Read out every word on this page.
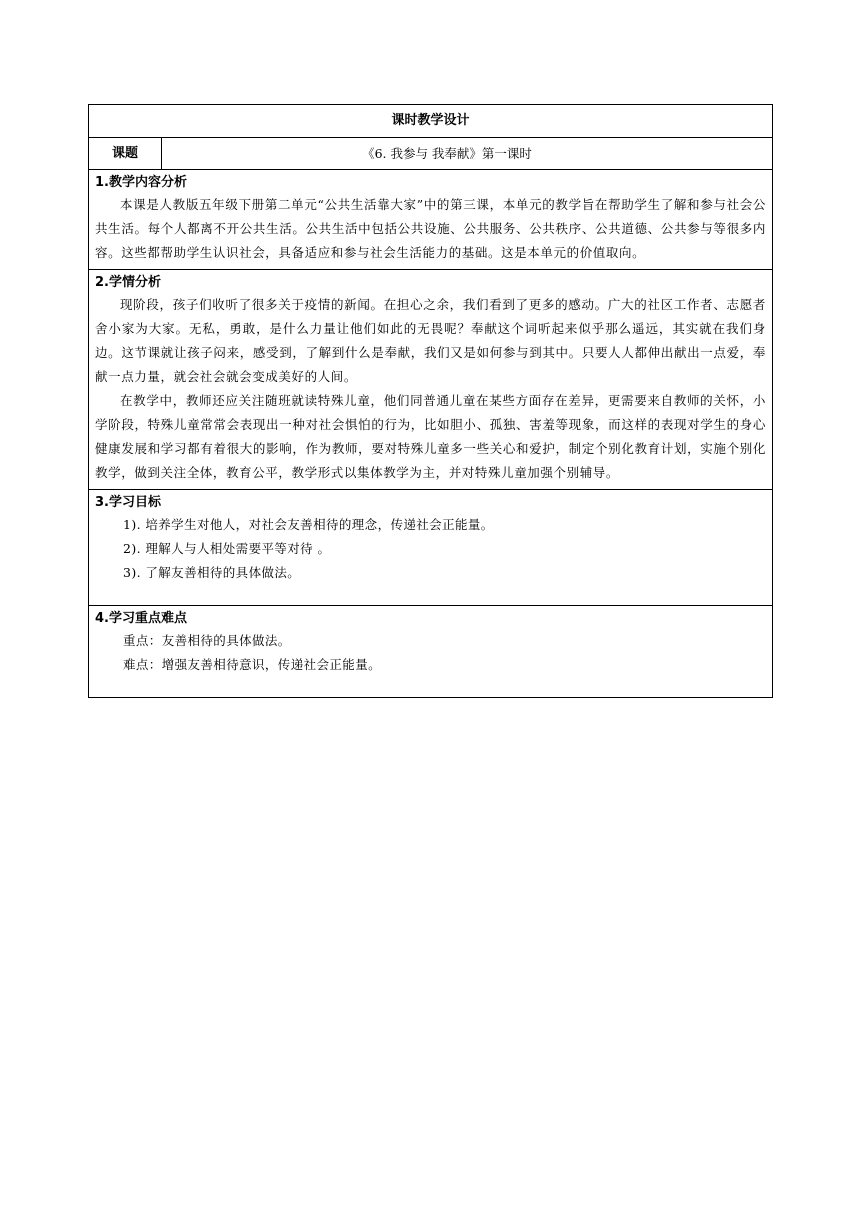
课时教学设计
课题	《6. 我参与 我奉献》第一课时
1.教学内容分析

本课是人教版五年级下册第二单元“公共生活靠大家”中的第三课，本单元的教学旨在帮助学生了解和参与社会公共生活。每个人都离不开公共生活。公共生活中包括公共设施、公共服务、公共秩序、公共道德、公共参与等很多内容。这些都帮助学生认识社会，具备适应和参与社会生活能力的基础。这是本单元的价值取向。

2.学情分析

现阶段，孩子们收听了很多关于疫情的新闻。在担心之余，我们看到了更多的感动。广大的社区工作者、志愿者舍小家为大家。无私，勇敢，是什么力量让他们如此的无畏呢？奉献这个词听起来似乎那么遥远，其实就在我们身边。这节课就让孩子闷来，感受到，了解到什么是奉献，我们又是如何参与到其中。只要人人都伸出献出一点爱，奉献一点力量，就会社会就会变成美好的人间。

在教学中，教师还应关注随班就读特殊儿童，他们同普通儿童在某些方面存在差异，更需要来自教师的关怀，小学阶段，特殊儿童常常会表现出一种对社会惧怕的行为，比如胆小、孤独、害羞等现象，而这样的表现对学生的身心健康发展和学习都有着很大的影响，作为教师，要对特殊儿童多一些关心和爱护，制定个别化教育计划，实施个别化教学，做到关注全体，教育公平，教学形式以集体教学为主，并对特殊儿童加强个别辅导。

3.学习目标

1). 培养学生对他人，对社会友善相待的理念，传递社会正能量。

2). 理解人与人相处需要平等对待 。

3). 了解友善相待的具体做法。

4.学习重点难点

重点：友善相待的具体做法。

难点：增强友善相待意识，传递社会正能量。
